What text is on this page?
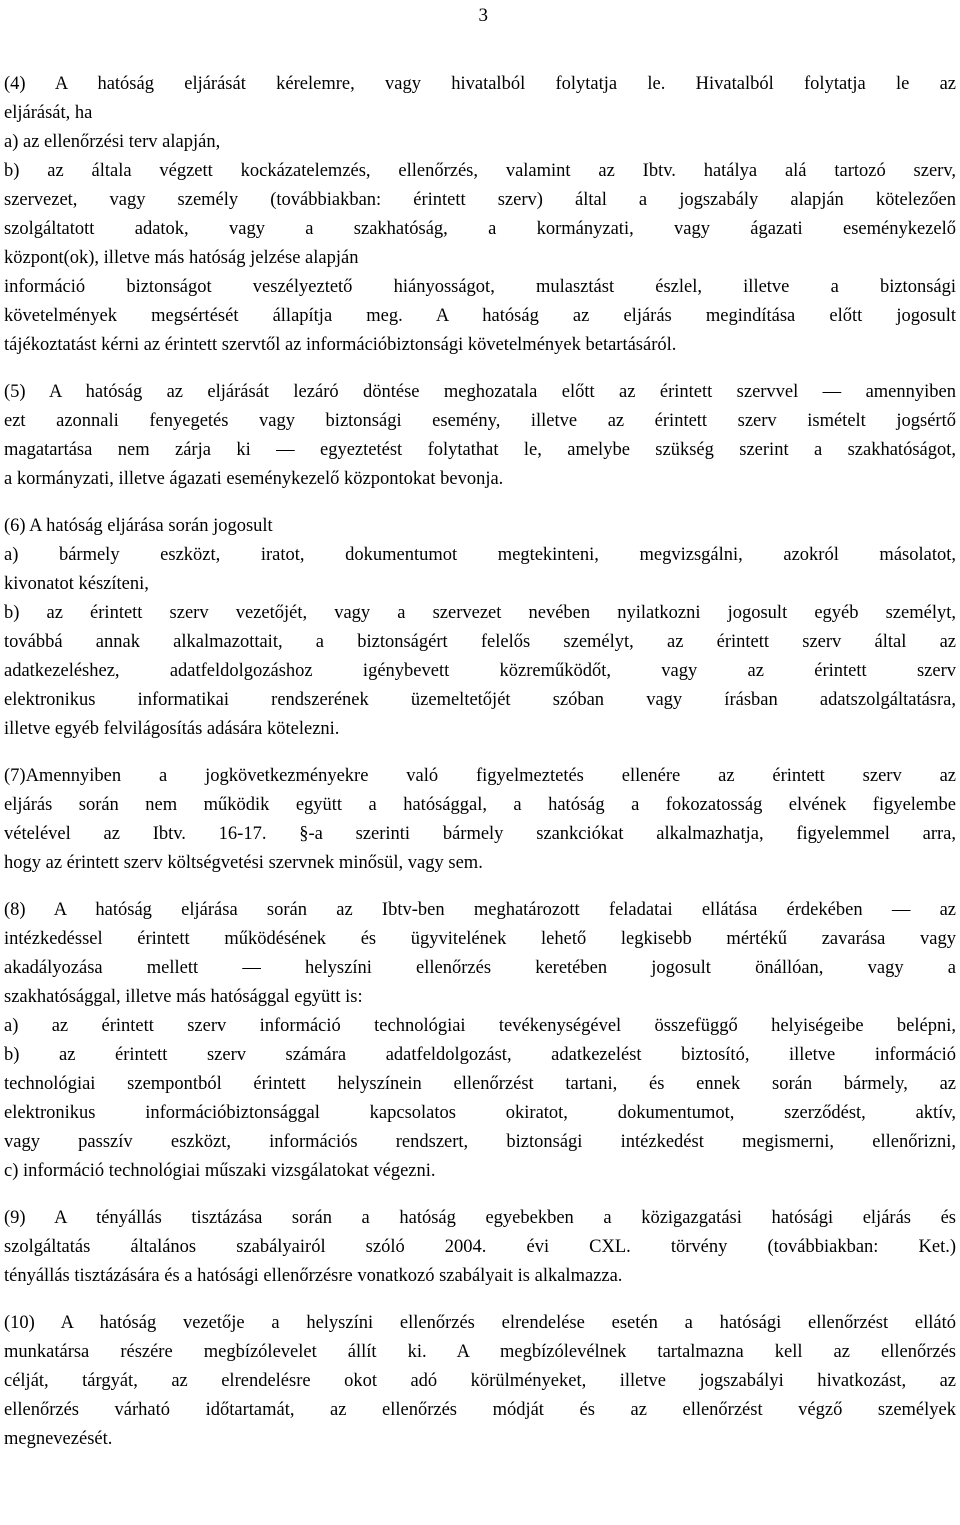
3
(4) A hatóság eljárását kérelemre, vagy hivatalból folytatja le. Hivatalból folytatja le az
eljárását, ha
a) az ellenőrzési terv alapján,
b) az általa végzett kockázatelemzés, ellenőrzés, valamint az Ibtv. hatálya alá tartozó szerv,
szervezet, vagy személy (továbbiakban: érintett szerv) által a jogszabály alapján kötelezően
szolgáltatott adatok, vagy a szakhatóság, a kormányzati, vagy ágazati eseménykezelő
központ(ok), illetve más hatóság jelzése alapján
információ biztonságot veszélyeztető hiányosságot, mulasztást észlel, illetve a biztonsági
követelmények megsértését állapítja meg. A hatóság az eljárás megindítása előtt jogosult
tájékoztatást kérni az érintett szervtől az információbiztonsági követelmények betartásáról.
(5) A hatóság az eljárását lezáró döntése meghozatala előtt az érintett szervvel ― amennyiben
ezt azonnali fenyegetés vagy biztonsági esemény, illetve az érintett szerv ismételt jogsértő
magatartása nem zárja ki ― egyeztetést folytathat le, amelybe szükség szerint a szakhatóságot,
a kormányzati, illetve ágazati eseménykezelő központokat bevonja.
(6) A hatóság eljárása során jogosult
a) bármely eszközt, iratot, dokumentumot megtekinteni, megvizsgálni, azokról másolatot,
kivonatot készíteni,
b) az érintett szerv vezetőjét, vagy a szervezet nevében nyilatkozni jogosult egyéb személyt,
továbbá annak alkalmazottait, a biztonságért felelős személyt, az érintett szerv által az
adatkezeléshez, adatfeldolgozáshoz igénybevett közreműködőt, vagy az érintett szerv
elektronikus informatikai rendszerének üzemeltetőjét szóban vagy írásban adatszolgáltatásra,
illetve egyéb felvilágosítás adására kötelezni.
(7)Amennyiben a jogkövetkezményekre való figyelmeztetés ellenére az érintett szerv az
eljárás során nem működik együtt a hatósággal, a hatóság a fokozatosság elvének figyelembe
vételével az Ibtv. 16-17. §-a szerinti bármely szankciókat alkalmazhatja, figyelemmel arra,
hogy az érintett szerv költségvetési szervnek minősül, vagy sem.
(8) A hatóság eljárása során az Ibtv-ben meghatározott feladatai ellátása érdekében ― az
intézkedéssel érintett működésének és ügyvitelének lehető legkisebb mértékű zavarása vagy
akadályozása mellett ― helyszíni ellenőrzés keretében jogosult önállóan, vagy a
szakhatósággal, illetve más hatósággal együtt is:
a) az érintett szerv információ technológiai tevékenységével összefüggő helyiségeibe belépni,
b) az érintett szerv számára adatfeldolgozást, adatkezelést biztosító, illetve információ
technológiai szempontból érintett helyszínein ellenőrzést tartani, és ennek során bármely, az
elektronikus információbiztonsággal kapcsolatos okiratot, dokumentumot, szerződést, aktív,
vagy passzív eszközt, információs rendszert, biztonsági intézkedést megismerni, ellenőrizni,
c) információ technológiai műszaki vizsgálatokat végezni.
(9) A tényállás tisztázása során a hatóság egyebekben a közigazgatási hatósági eljárás és
szolgáltatás általános szabályairól szóló 2004. évi CXL. törvény (továbbiakban: Ket.)
tényállás tisztázására és a hatósági ellenőrzésre vonatkozó szabályait is alkalmazza.
(10) A hatóság vezetője a helyszíni ellenőrzés elrendelése esetén a hatósági ellenőrzést ellátó
munkatársa részére megbízólevelet állít ki. A megbízólevélnek tartalmazna kell az ellenőrzés
célját, tárgyát, az elrendelésre okot adó körülményeket, illetve jogszabályi hivatkozást, az
ellenőrzés várható időtartamát, az ellenőrzés módját és az ellenőrzést végző személyek
megnevezését.
